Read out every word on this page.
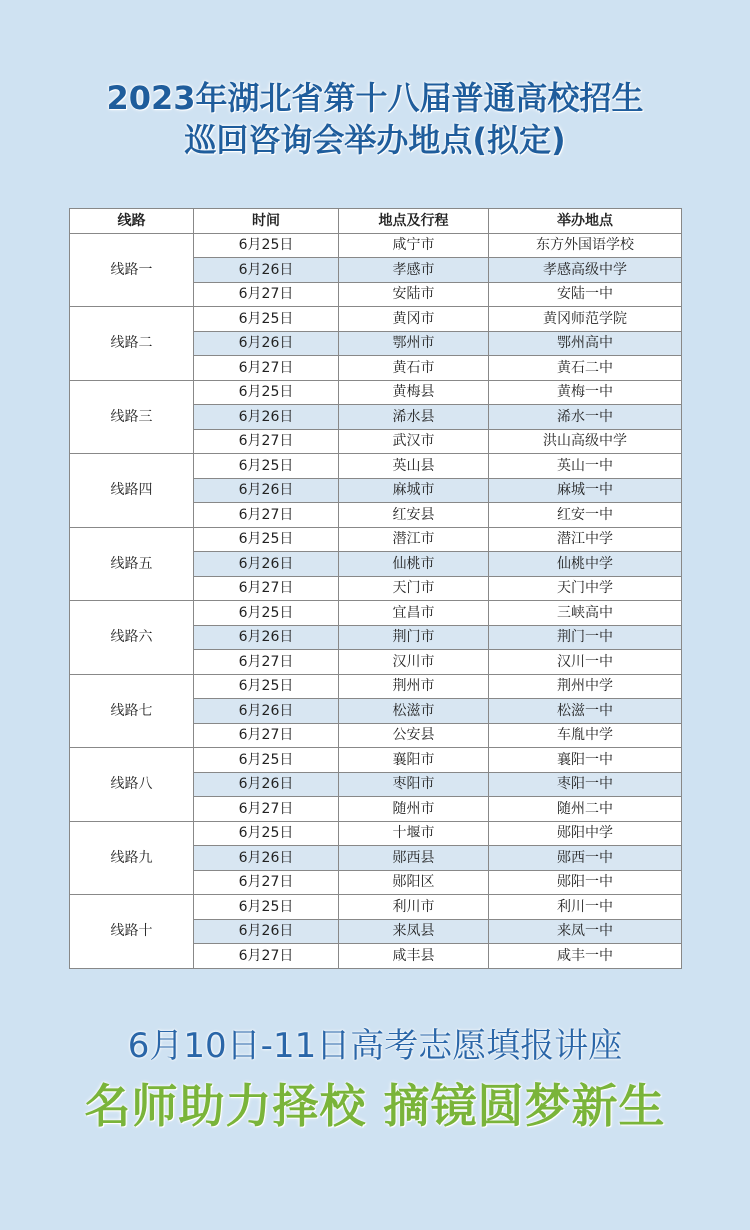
2023年湖北省第十八届普通高校招生
巡回咨询会举办地点(拟定)
线路	时间	地点及行程	举办地点
线路一	6月25日	咸宁市	东方外国语学校
	6月26日	孝感市	孝感高级中学
	6月27日	安陆市	安陆一中
线路二	6月25日	黄冈市	黄冈师范学院
	6月26日	鄂州市	鄂州高中
	6月27日	黄石市	黄石二中
线路三	6月25日	黄梅县	黄梅一中
	6月26日	浠水县	浠水一中
	6月27日	武汉市	洪山高级中学
线路四	6月25日	英山县	英山一中
	6月26日	麻城市	麻城一中
	6月27日	红安县	红安一中
线路五	6月25日	潜江市	潜江中学
	6月26日	仙桃市	仙桃中学
	6月27日	天门市	天门中学
线路六	6月25日	宜昌市	三峡高中
	6月26日	荆门市	荆门一中
	6月27日	汉川市	汉川一中
线路七	6月25日	荆州市	荆州中学
	6月26日	松滋市	松滋一中
	6月27日	公安县	车胤中学
线路八	6月25日	襄阳市	襄阳一中
	6月26日	枣阳市	枣阳一中
	6月27日	随州市	随州二中
线路九	6月25日	十堰市	郧阳中学
	6月26日	郧西县	郧西一中
	6月27日	郧阳区	郧阳一中
线路十	6月25日	利川市	利川一中
	6月26日	来凤县	来凤一中
	6月27日	咸丰县	咸丰一中
6月10日-11日高考志愿填报讲座
名师助力择校 摘镜圆梦新生
